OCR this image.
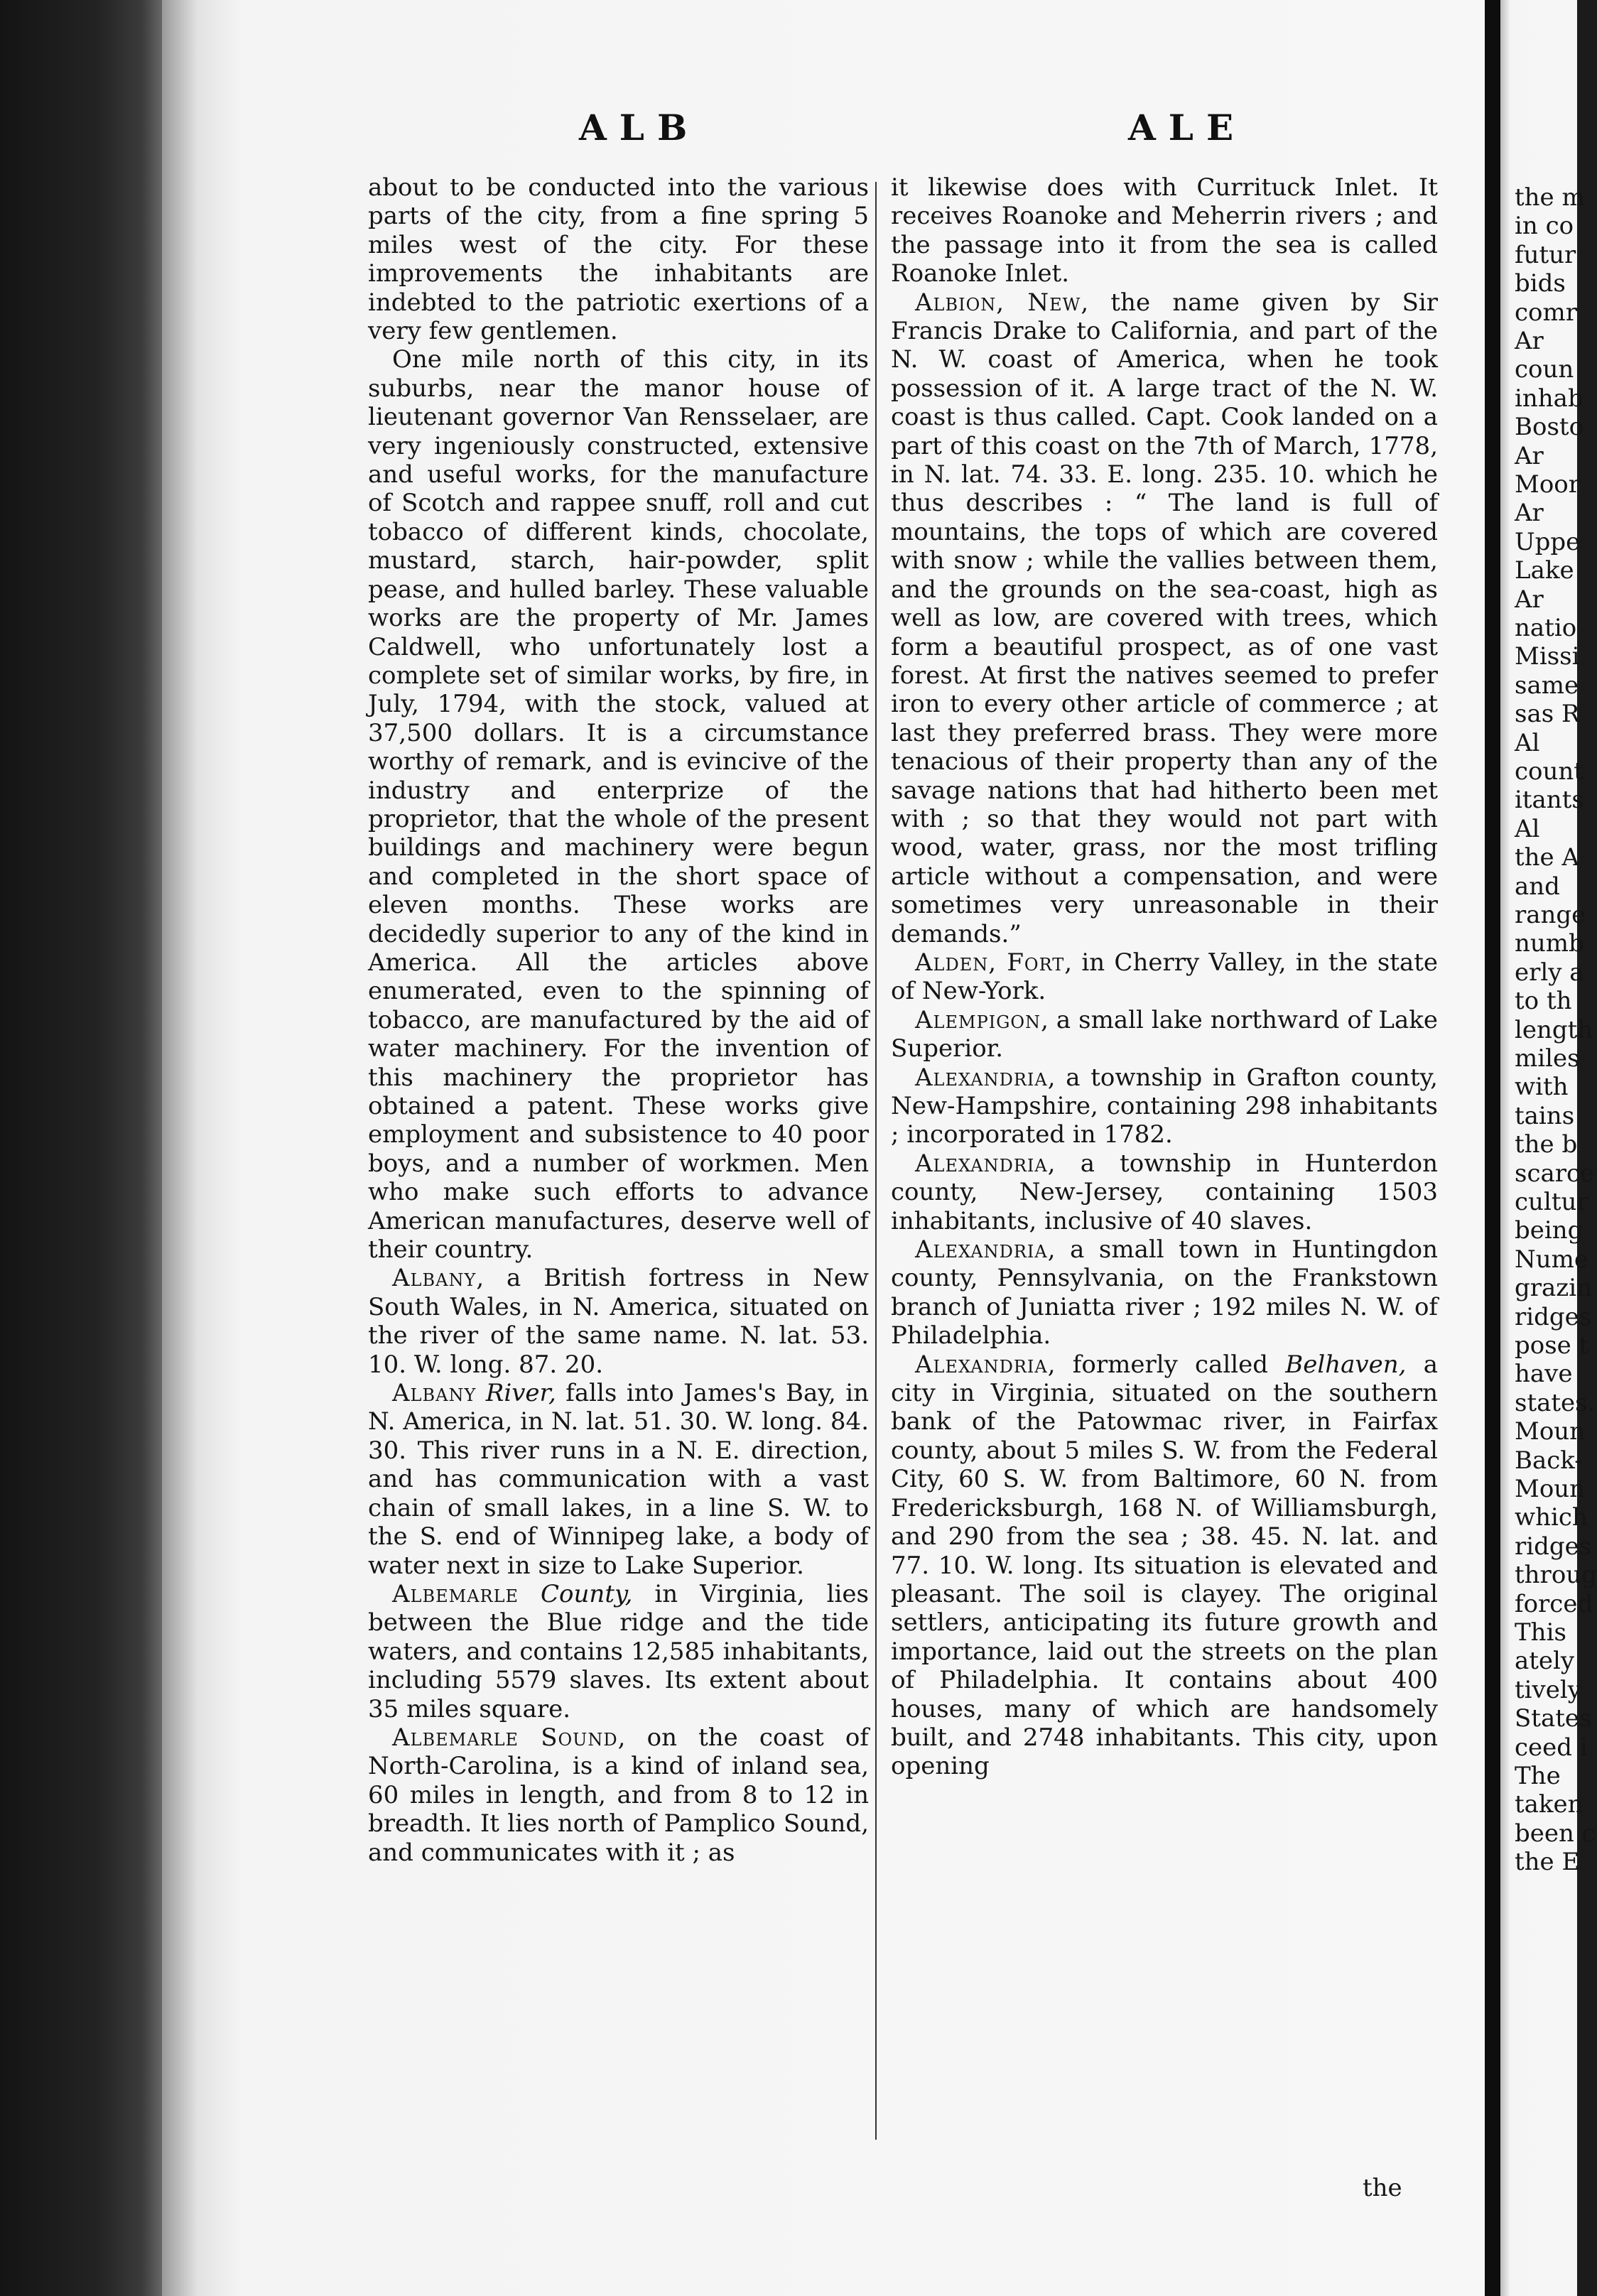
the m
in co
futur
bids
comr
Ar
coun
inhab
Bosto
Ar
Moor
Ar
Uppe
Lake
Ar
natio
Missi
same
sas R
Al
count
itants
Al
the A
and
range
numb
erly a
to th
length
miles
with
tains
the b
scarce
cultur
being
Nume
grazin
ridges
pose t
have
states.
Moun
Back-
Moun
which
ridges
throug
forced
This
ately
tively
States
ceed i
The
taken
been c
the E
ALB	ALE

about to be conducted into the various parts of the city, from a fine spring 5 miles west of the city. For these improvements the inhabitants are indebted to the patriotic exertions of a very few gentlemen.

One mile north of this city, in its suburbs, near the manor house of lieutenant governor Van Rensselaer, are very ingeniously constructed, extensive and useful works, for the manufacture of Scotch and rappee snuff, roll and cut tobacco of different kinds, chocolate, mustard, starch, hair-powder, split pease, and hulled barley. These valuable works are the property of Mr. James Caldwell, who unfortunately lost a complete set of similar works, by fire, in July, 1794, with the stock, valued at 37,500 dollars. It is a circumstance worthy of remark, and is evincive of the industry and enterprize of the proprietor, that the whole of the present buildings and machinery were begun and completed in the short space of eleven months. These works are decidedly superior to any of the kind in America. All the articles above enumerated, even to the spinning of tobacco, are manufactured by the aid of water machinery. For the invention of this machinery the proprietor has obtained a patent. These works give employment and subsistence to 40 poor boys, and a number of workmen. Men who make such efforts to advance American manufactures, deserve well of their country.

Albany, a British fortress in New South Wales, in N. America, situated on the river of the same name. N. lat. 53. 10. W. long. 87. 20.

Albany River, falls into James's Bay, in N. America, in N. lat. 51. 30. W. long. 84. 30. This river runs in a N. E. direction, and has communication with a vast chain of small lakes, in a line S. W. to the S. end of Winnipeg lake, a body of water next in size to Lake Superior.

Albemarle County, in Virginia, lies between the Blue ridge and the tide waters, and contains 12,585 inhabitants, including 5579 slaves. Its extent about 35 miles square.

Albemarle Sound, on the coast of North-Carolina, is a kind of inland sea, 60 miles in length, and from 8 to 12 in breadth. It lies north of Pamplico Sound, and communicates with it ; as

it likewise does with Currituck Inlet. It receives Roanoke and Meherrin rivers ; and the passage into it from the sea is called Roanoke Inlet.

Albion, New, the name given by Sir Francis Drake to California, and part of the N. W. coast of America, when he took possession of it. A large tract of the N. W. coast is thus called. Capt. Cook landed on a part of this coast on the 7th of March, 1778, in N. lat. 74. 33. E. long. 235. 10. which he thus describes : “ The land is full of mountains, the tops of which are covered with snow ; while the vallies between them, and the grounds on the sea-coast, high as well as low, are covered with trees, which form a beautiful prospect, as of one vast forest. At first the natives seemed to prefer iron to every other article of commerce ; at last they preferred brass. They were more tenacious of their property than any of the savage nations that had hitherto been met with ; so that they would not part with wood, water, grass, nor the most trifling article without a compensation, and were sometimes very unreasonable in their demands.”

Alden, Fort, in Cherry Valley, in the state of New-York.

Alempigon, a small lake northward of Lake Superior.

Alexandria, a township in Grafton county, New-Hampshire, containing 298 inhabitants ; incorporated in 1782.

Alexandria, a township in Hunterdon county, New-Jersey, containing 1503 inhabitants, inclusive of 40 slaves.

Alexandria, a small town in Huntingdon county, Pennsylvania, on the Frankstown branch of Juniatta river ; 192 miles N. W. of Philadelphia.

Alexandria, formerly called Belhaven, a city in Virginia, situated on the southern bank of the Patowmac river, in Fairfax county, about 5 miles S. W. from the Federal City, 60 S. W. from Baltimore, 60 N. from Fredericksburgh, 168 N. of Williamsburgh, and 290 from the sea ; 38. 45. N. lat. and 77. 10. W. long. Its situation is elevated and pleasant. The soil is clayey. The original settlers, anticipating its future growth and importance, laid out the streets on the plan of Philadelphia. It contains about 400 houses, many of which are handsomely built, and 2748 inhabitants. This city, upon opening

the
